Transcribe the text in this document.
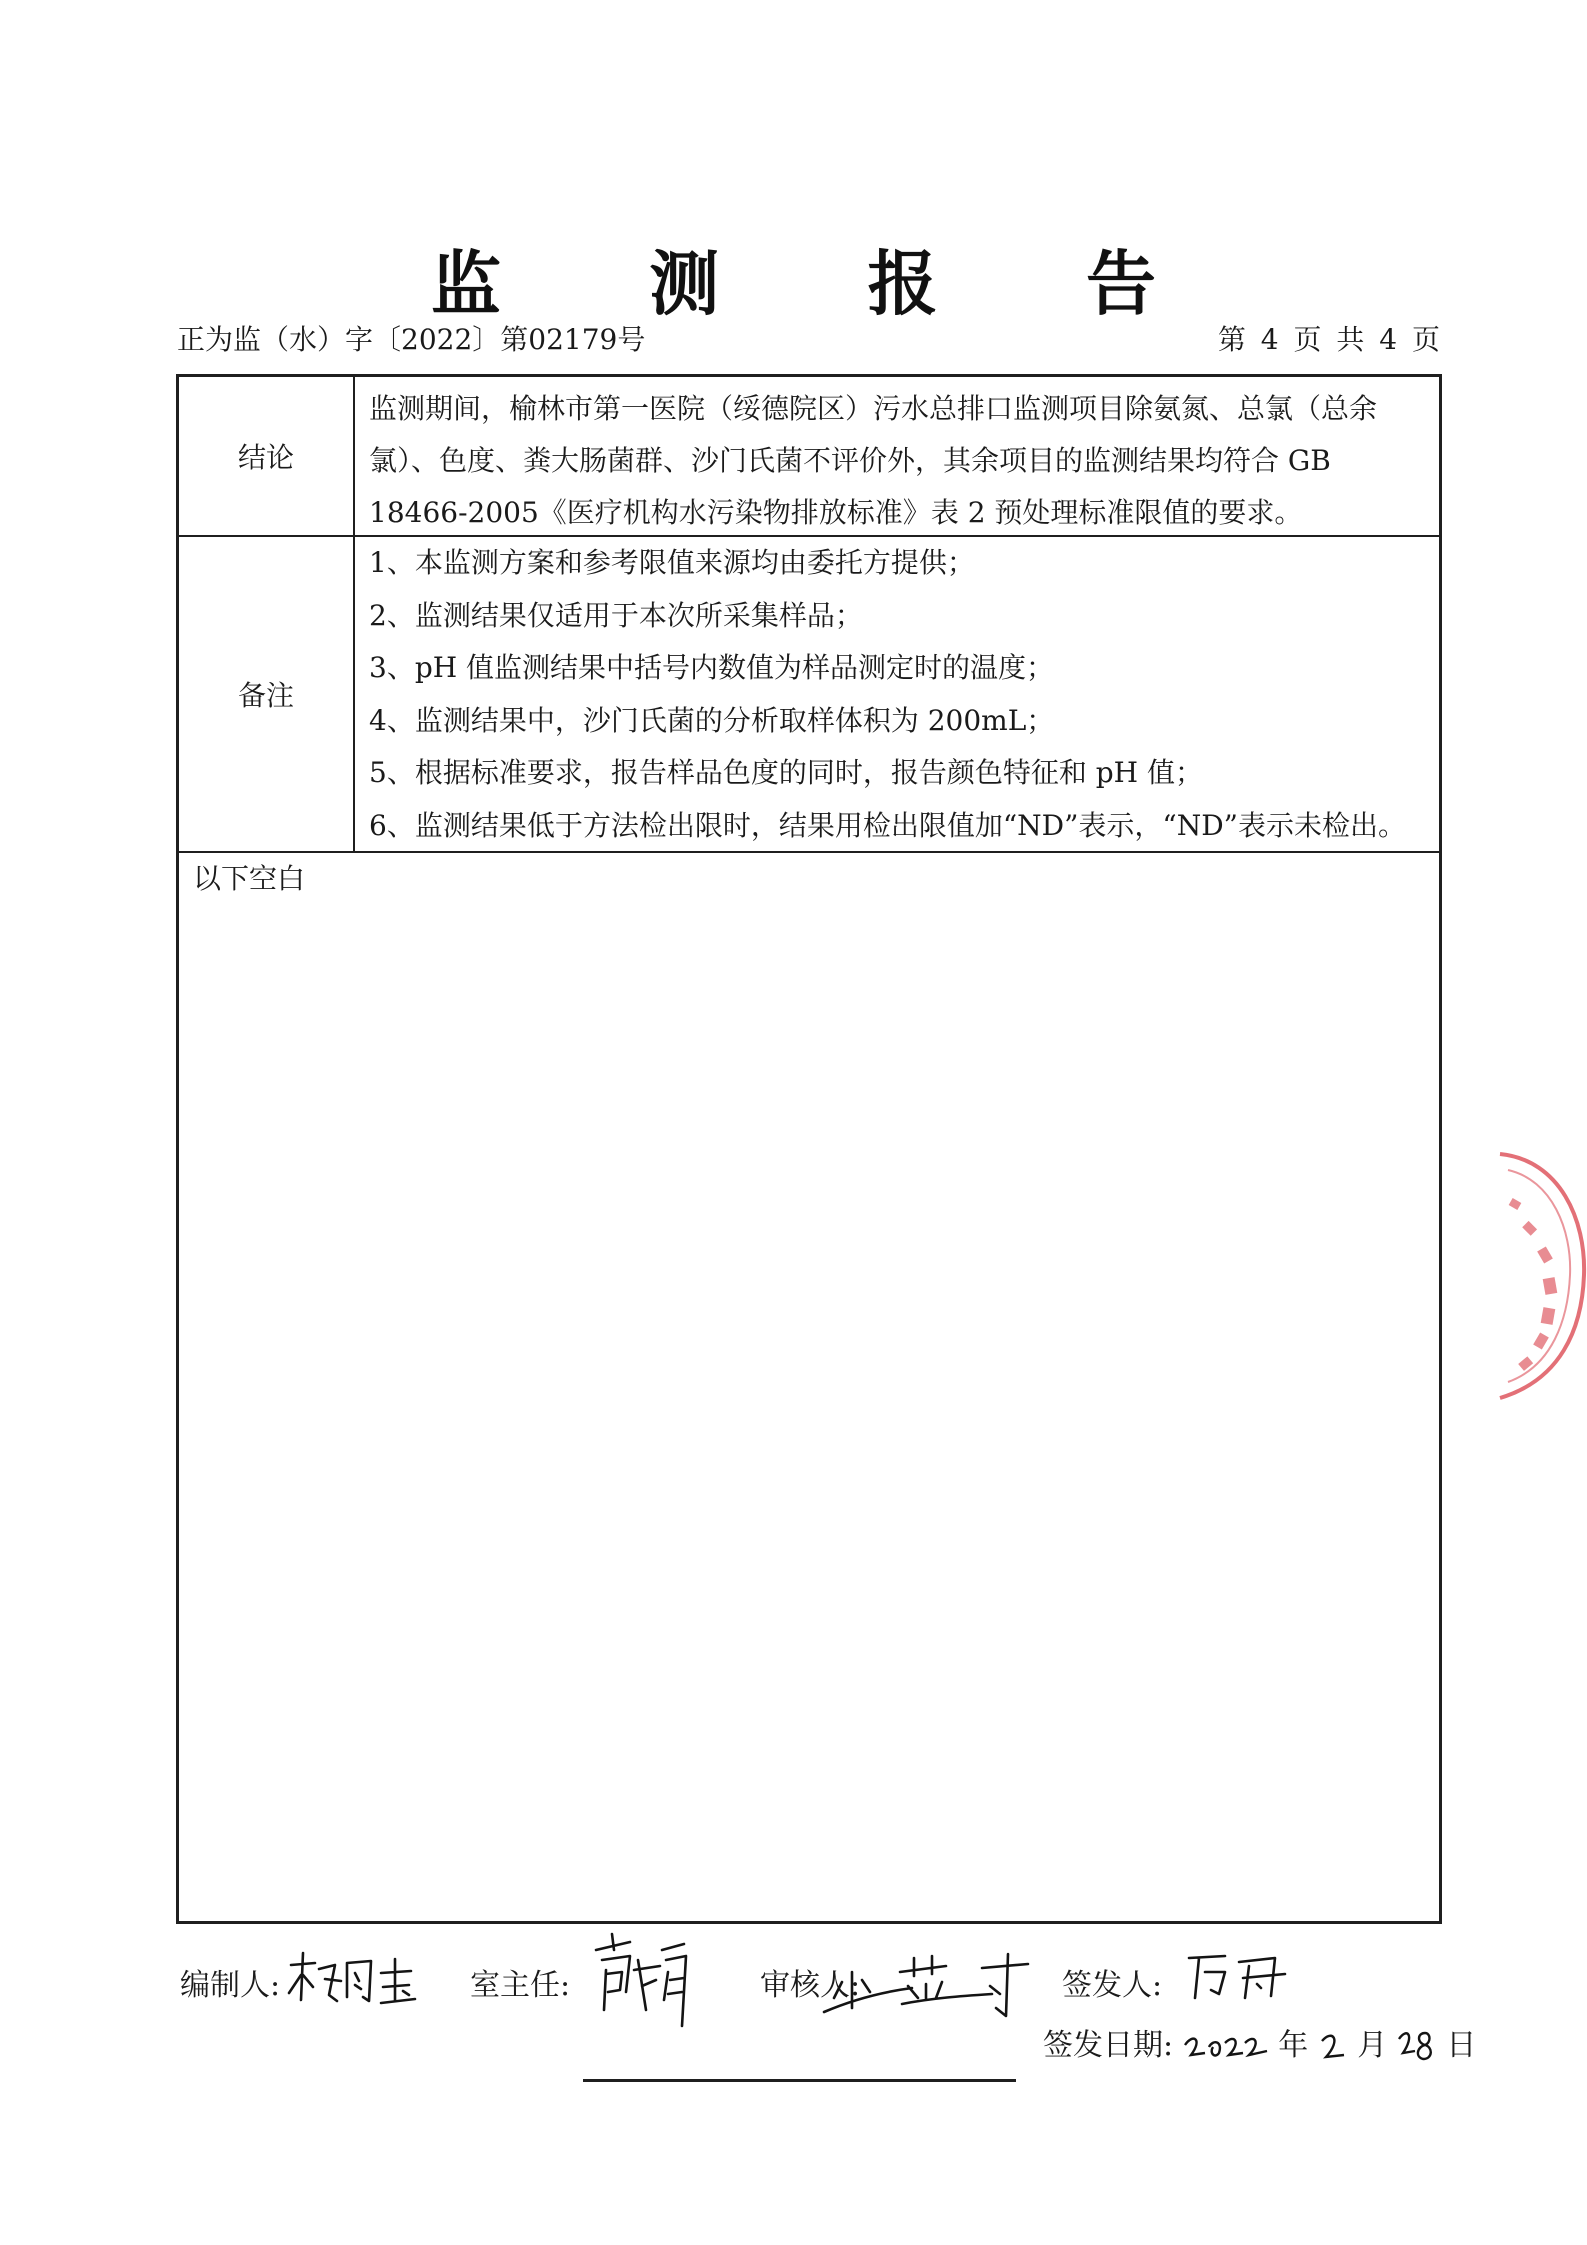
监 测 报 告
正为监（水）字〔2022〕第02179号	第 4 页 共 4 页
结论
监测期间，榆林市第一医院（绥德院区）污水总排口监测项目除氨氮、总氯（总余氯）、色度、粪大肠菌群、沙门氏菌不评价外，其余项目的监测结果均符合 GB 18466-2005《医疗机构水污染物排放标准》表 2 预处理标准限值的要求。
备注
1、本监测方案和参考限值来源均由委托方提供；
2、监测结果仅适用于本次所采集样品；
3、pH 值监测结果中括号内数值为样品测定时的温度；
4、监测结果中，沙门氏菌的分析取样体积为 200mL；
5、根据标准要求，报告样品色度的同时，报告颜色特征和 pH 值；
6、监测结果低于方法检出限时，结果用检出限值加“ND”表示，“ND”表示未检出。
以下空白
编制人:	室主任:	审核人:	签发人:
签发日期:	年 月 日
